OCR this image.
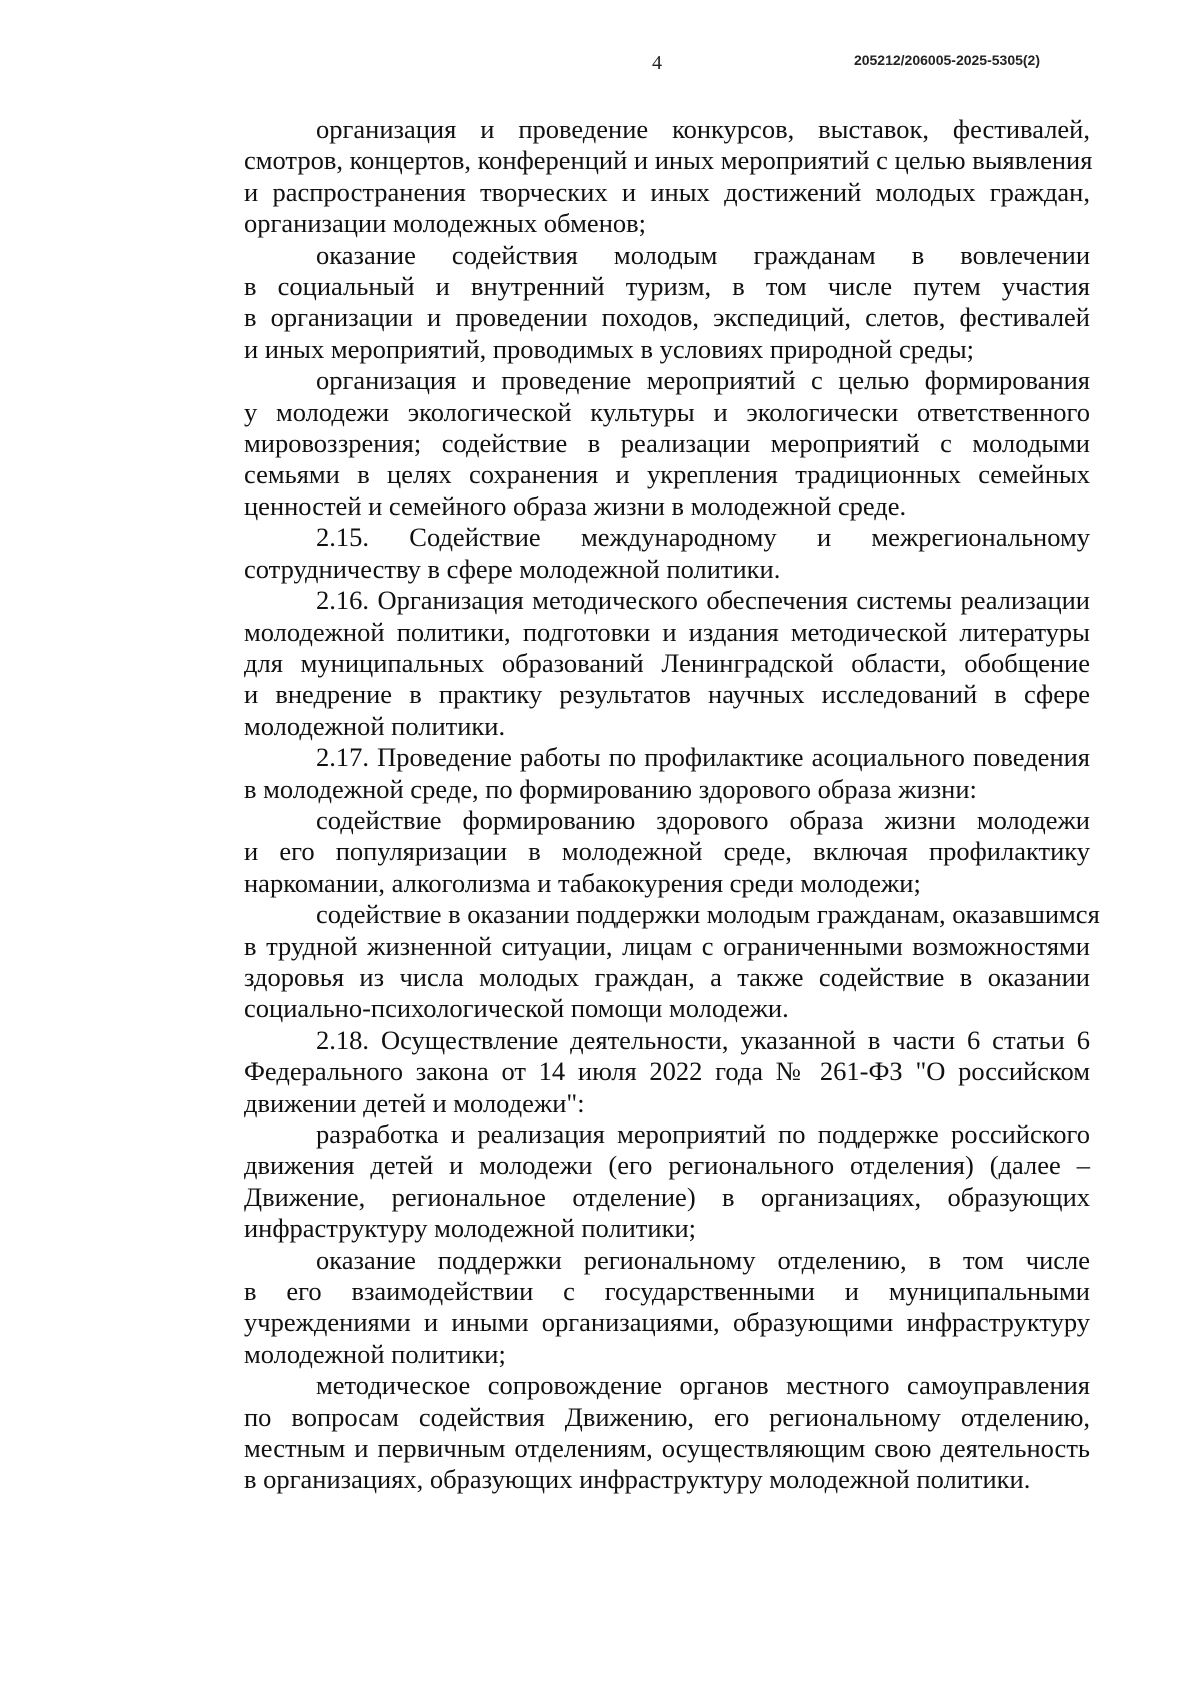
4	205212/206005-2025-5305(2)
организация и проведение конкурсов, выставок, фестивалей,
смотров, концертов, конференций и иных мероприятий с целью выявления
и распространения творческих и иных достижений молодых граждан,
организации молодежных обменов;
оказание содействия молодым гражданам в вовлечении
в социальный и внутренний туризм, в том числе путем участия
в организации и проведении походов, экспедиций, слетов, фестивалей
и иных мероприятий, проводимых в условиях природной среды;
организация и проведение мероприятий с целью формирования
у молодежи экологической культуры и экологически ответственного
мировоззрения; содействие в реализации мероприятий с молодыми
семьями в целях сохранения и укрепления традиционных семейных
ценностей и семейного образа жизни в молодежной среде.
2.15. Содействие международному и межрегиональному
сотрудничеству в сфере молодежной политики.
2.16. Организация методического обеспечения системы реализации
молодежной политики, подготовки и издания методической литературы
для муниципальных образований Ленинградской области, обобщение
и внедрение в практику результатов научных исследований в сфере
молодежной политики.
2.17. Проведение работы по профилактике асоциального поведения
в молодежной среде, по формированию здорового образа жизни:
содействие формированию здорового образа жизни молодежи
и его популяризации в молодежной среде, включая профилактику
наркомании, алкоголизма и табакокурения среди молодежи;
содействие в оказании поддержки молодым гражданам, оказавшимся
в трудной жизненной ситуации, лицам с ограниченными возможностями
здоровья из числа молодых граждан, а также содействие в оказании
социально-психологической помощи молодежи.
2.18. Осуществление деятельности, указанной в части 6 статьи 6
Федерального закона от 14 июля 2022 года № 261-ФЗ "О российском
движении детей и молодежи":
разработка и реализация мероприятий по поддержке российского
движения детей и молодежи (его регионального отделения) (далее –
Движение, региональное отделение) в организациях, образующих
инфраструктуру молодежной политики;
оказание поддержки региональному отделению, в том числе
в его взаимодействии с государственными и муниципальными
учреждениями и иными организациями, образующими инфраструктуру
молодежной политики;
методическое сопровождение органов местного самоуправления
по вопросам содействия Движению, его региональному отделению,
местным и первичным отделениям, осуществляющим свою деятельность
в организациях, образующих инфраструктуру молодежной политики.
